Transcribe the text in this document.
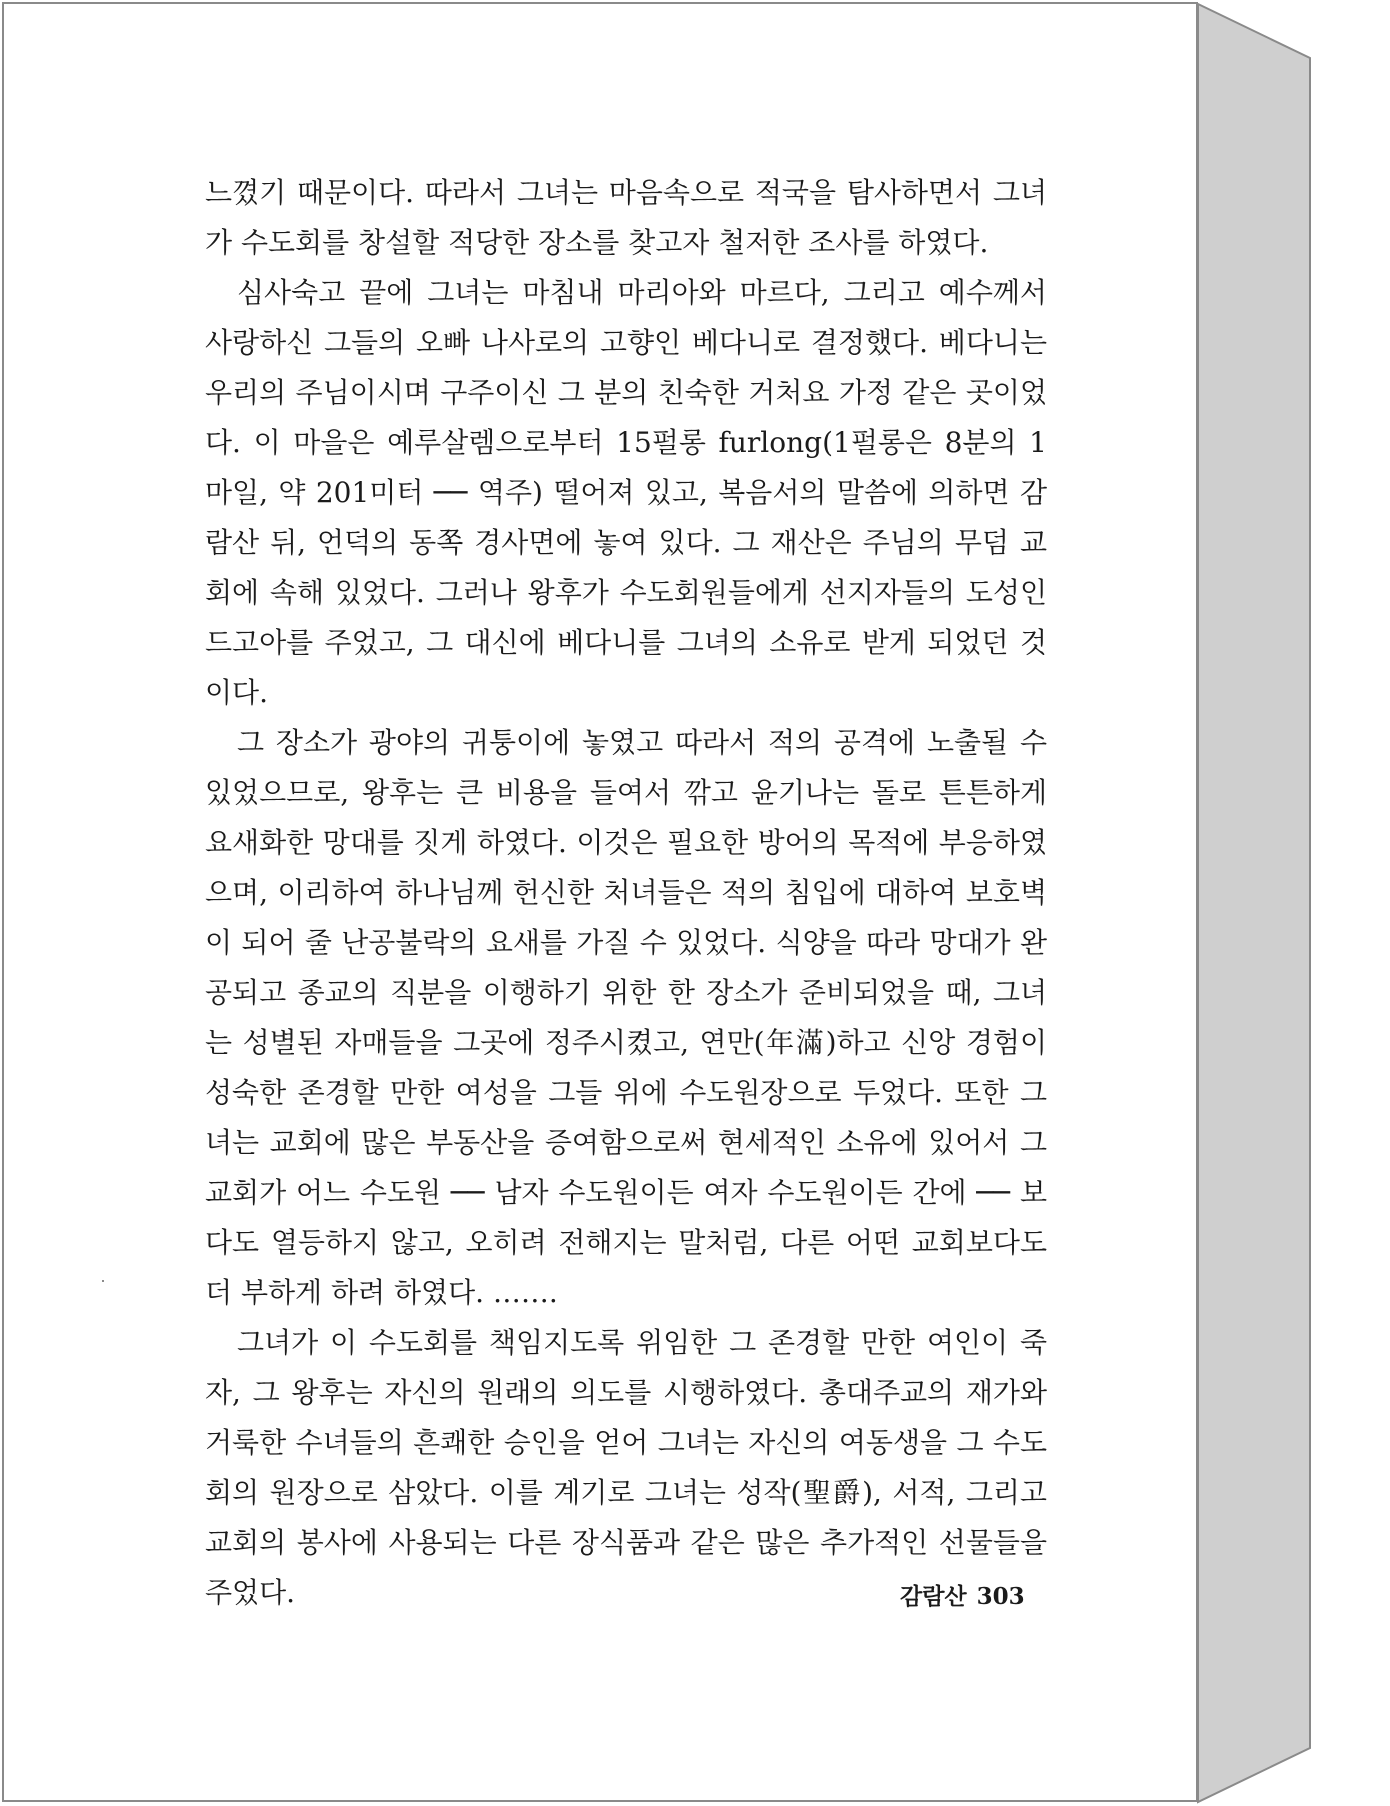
느꼈기 때문이다. 따라서 그녀는 마음속으로 적국을 탐사하면서 그녀가 수도회를 창설할 적당한 장소를 찾고자 철저한 조사를 하였다.

심사숙고 끝에 그녀는 마침내 마리아와 마르다, 그리고 예수께서 사랑하신 그들의 오빠 나사로의 고향인 베다니로 결정했다. 베다니는 우리의 주님이시며 구주이신 그 분의 친숙한 거처요 가정 같은 곳이었다. 이 마을은 예루살렘으로부터 15펄롱 furlong(1펄롱은 8분의 1마일, 약 201미터 ── 역주) 떨어져 있고, 복음서의 말씀에 의하면 감람산 뒤, 언덕의 동쪽 경사면에 놓여 있다. 그 재산은 주님의 무덤 교회에 속해 있었다. 그러나 왕후가 수도회원들에게 선지자들의 도성인 드고아를 주었고, 그 대신에 베다니를 그녀의 소유로 받게 되었던 것이다.

그 장소가 광야의 귀퉁이에 놓였고 따라서 적의 공격에 노출될 수 있었으므로, 왕후는 큰 비용을 들여서 깎고 윤기나는 돌로 튼튼하게 요새화한 망대를 짓게 하였다. 이것은 필요한 방어의 목적에 부응하였으며, 이리하여 하나님께 헌신한 처녀들은 적의 침입에 대하여 보호벽이 되어 줄 난공불락의 요새를 가질 수 있었다. 식양을 따라 망대가 완공되고 종교의 직분을 이행하기 위한 한 장소가 준비되었을 때, 그녀는 성별된 자매들을 그곳에 정주시켰고, 연만(年滿)하고 신앙 경험이 성숙한 존경할 만한 여성을 그들 위에 수도원장으로 두었다. 또한 그녀는 교회에 많은 부동산을 증여함으로써 현세적인 소유에 있어서 그 교회가 어느 수도원 ── 남자 수도원이든 여자 수도원이든 간에 ── 보다도 열등하지 않고, 오히려 전해지는 말처럼, 다른 어떤 교회보다도 더 부하게 하려 하였다. …….

그녀가 이 수도회를 책임지도록 위임한 그 존경할 만한 여인이 죽자, 그 왕후는 자신의 원래의 의도를 시행하였다. 총대주교의 재가와 거룩한 수녀들의 흔쾌한 승인을 얻어 그녀는 자신의 여동생을 그 수도회의 원장으로 삼았다. 이를 계기로 그녀는 성작(聖爵), 서적, 그리고 교회의 봉사에 사용되는 다른 장식품과 같은 많은 추가적인 선물들을 주었다.	감람산 303
